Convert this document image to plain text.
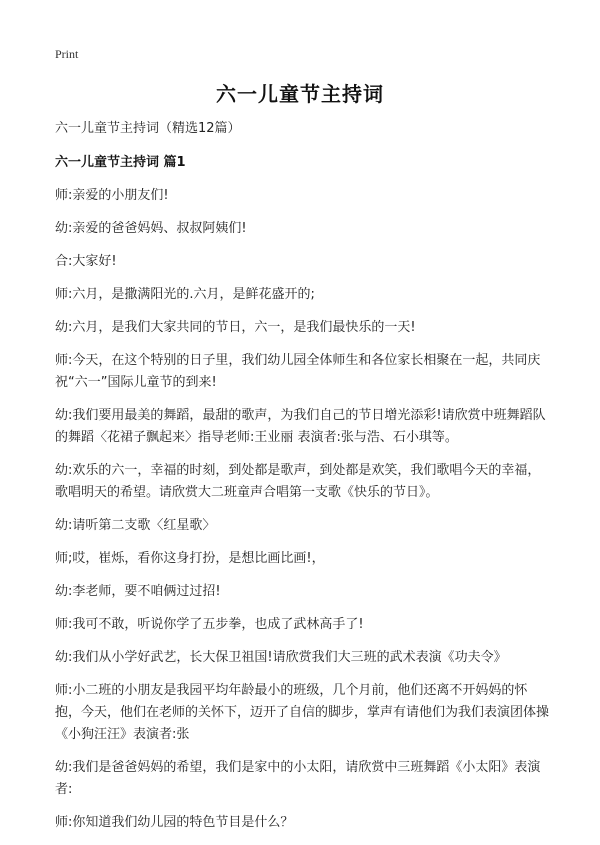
Print
六一儿童节主持词

六一儿童节主持词（精选12篇）

六一儿童节主持词 篇1

师:亲爱的小朋友们!

幼:亲爱的爸爸妈妈、叔叔阿姨们!

合:大家好!

师:六月，是撒满阳光的.六月，是鲜花盛开的;

幼:六月，是我们大家共同的节日，六一，是我们最快乐的一天!

师:今天，在这个特别的日子里，我们幼儿园全体师生和各位家长相聚在一起，共同庆祝“六一”国际儿童节的到来!

幼:我们要用最美的舞蹈，最甜的歌声，为我们自己的节日增光添彩!请欣赏中班舞蹈队的舞蹈〈花裙子飘起来〉指导老师:王业丽 表演者:张与浩、石小琪等。

幼:欢乐的六一，幸福的时刻，到处都是歌声，到处都是欢笑，我们歌唱今天的幸福，歌唱明天的希望。请欣赏大二班童声合唱第一支歌《快乐的节日》。

幼:请听第二支歌〈红星歌〉

师;哎，崔烁，看你这身打扮，是想比画比画!，

幼:李老师，要不咱俩过过招!

师:我可不敢，听说你学了五步拳，也成了武林高手了!

幼:我们从小学好武艺，长大保卫祖国!请欣赏我们大三班的武术表演《功夫令》

师:小二班的小朋友是我园平均年龄最小的班级，几个月前，他们还离不开妈妈的怀抱，今天，他们在老师的关怀下，迈开了自信的脚步，掌声有请他们为我们表演团体操《小狗汪汪》表演者:张

幼:我们是爸爸妈妈的希望，我们是家中的小太阳，请欣赏中三班舞蹈《小太阳》表演者:

师:你知道我们幼儿园的特色节目是什么？
